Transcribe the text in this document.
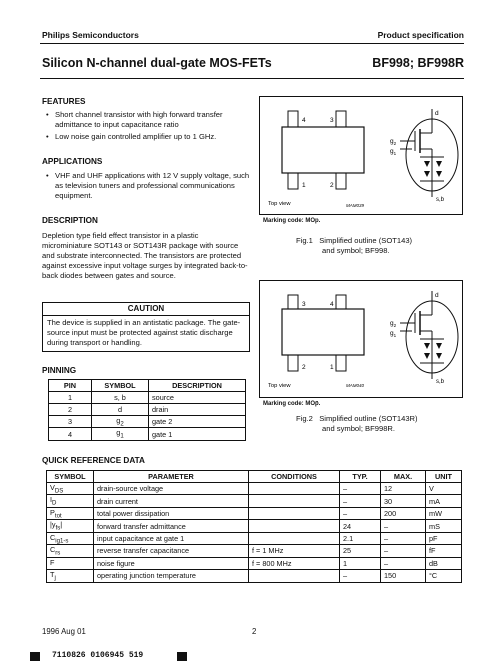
Philips Semiconductors	Product specification
Silicon N-channel dual-gate MOS-FETs	BF998; BF998R
FEATURES
• Short channel transistor with high forward transfer admittance to input capacitance ratio
• Low noise gain controlled amplifier up to 1 GHz.
APPLICATIONS
• VHF and UHF applications with 12 V supply voltage, such as television tuners and professional communications equipment.
DESCRIPTION
Depletion type field effect transistor in a plastic microminiature SOT143 or SOT143R package with source and substrate interconnected. The transistors are protected against excessive input voltage surges by integrated back-to-back diodes between gates and source.
CAUTION
The device is supplied in an antistatic package. The gate-source input must be protected against static discharge during transport or handling.
PINNING
PIN	SYMBOL	DESCRIPTION
1	s, b	source
2	d	drain
3	$g_2$	gate 2
4	$g_1$	gate 1
4	3
1	2
Top view	MAM039
d
$g_2$
$g_1$
s,b
Marking code: MOp.
Fig.1 Simplified outline (SOT143)
and symbol; BF998.
3	4
2	1
Top view	MAM040
d
$g_2$
$g_1$
s,b
Marking code: MOp̄.
Fig.2 Simplified outline (SOT143R)
and symbol; BF998R.
QUICK REFERENCE DATA
SYMBOL	PARAMETER	CONDITIONS	TYP.	MAX.	UNIT
$V_{DS}$	drain-source voltage		–	12	V
$I_D$	drain current		–	30	mA
$P_{tot}$	total power dissipation		–	200	mW
$|y_{fs}|$	forward transfer admittance		24	–	mS
$C_{ig1-s}$	input capacitance at gate 1		2.1	–	pF
$C_{rs}$	reverse transfer capacitance	f = 1 MHz	25	–	fF
F	noise figure	f = 800 MHz	1	–	dB
$T_j$	operating junction temperature		–	150	°C
1996 Aug 01	2
7110826 0106945 519
